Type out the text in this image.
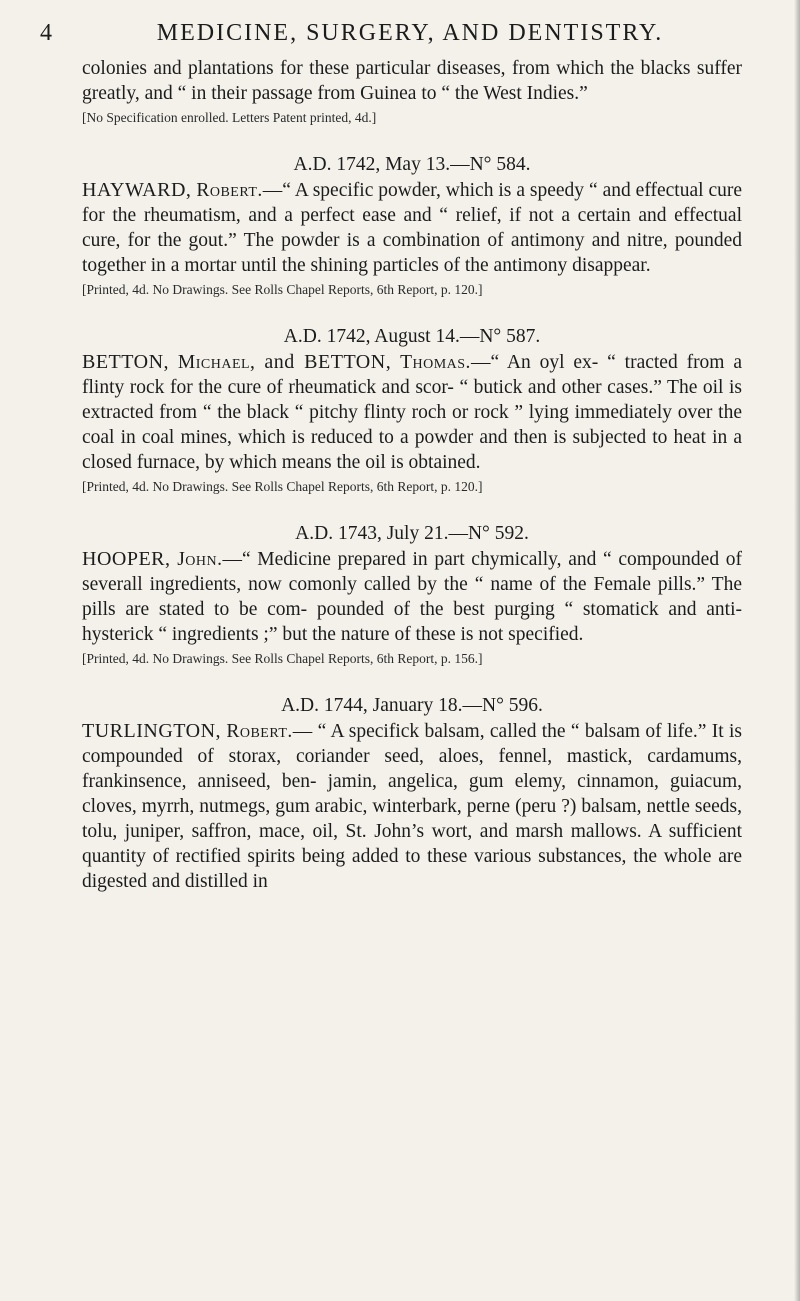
4	MEDICINE, SURGERY, AND DENTISTRY.

colonies and plantations for these particular diseases, from which the blacks suffer greatly, and “ in their passage from Guinea to “ the West Indies.”

[No Specification enrolled. Letters Patent printed, 4d.]

A.D. 1742, May 13.—N° 584.

HAYWARD, Robert.—“ A specific powder, which is a speedy “ and effectual cure for the rheumatism, and a perfect ease and “ relief, if not a certain and effectual cure, for the gout.” The powder is a combination of antimony and nitre, pounded together in a mortar until the shining particles of the antimony disappear.

[Printed, 4d. No Drawings. See Rolls Chapel Reports, 6th Report, p. 120.]

A.D. 1742, August 14.—N° 587.

BETTON, Michael, and BETTON, Thomas.—“ An oyl ex- “ tracted from a flinty rock for the cure of rheumatick and scor- “ butick and other cases.” The oil is extracted from “ the black “ pitchy flinty roch or rock ” lying immediately over the coal in coal mines, which is reduced to a powder and then is subjected to heat in a closed furnace, by which means the oil is obtained.

[Printed, 4d. No Drawings. See Rolls Chapel Reports, 6th Report, p. 120.]

A.D. 1743, July 21.—N° 592.

HOOPER, John.—“ Medicine prepared in part chymically, and “ compounded of severall ingredients, now comonly called by the “ name of the Female pills.” The pills are stated to be com- pounded of the best purging “ stomatick and anti-hysterick “ ingredients ;” but the nature of these is not specified.

[Printed, 4d. No Drawings. See Rolls Chapel Reports, 6th Report, p. 156.]

A.D. 1744, January 18.—N° 596.

TURLINGTON, Robert.— “ A specifick balsam, called the “ balsam of life.” It is compounded of storax, coriander seed, aloes, fennel, mastick, cardamums, frankinsence, anniseed, ben- jamin, angelica, gum elemy, cinnamon, guiacum, cloves, myrrh, nutmegs, gum arabic, winterbark, perne (peru ?) balsam, nettle seeds, tolu, juniper, saffron, mace, oil, St. John’s wort, and marsh mallows. A sufficient quantity of rectified spirits being added to these various substances, the whole are digested and distilled in
